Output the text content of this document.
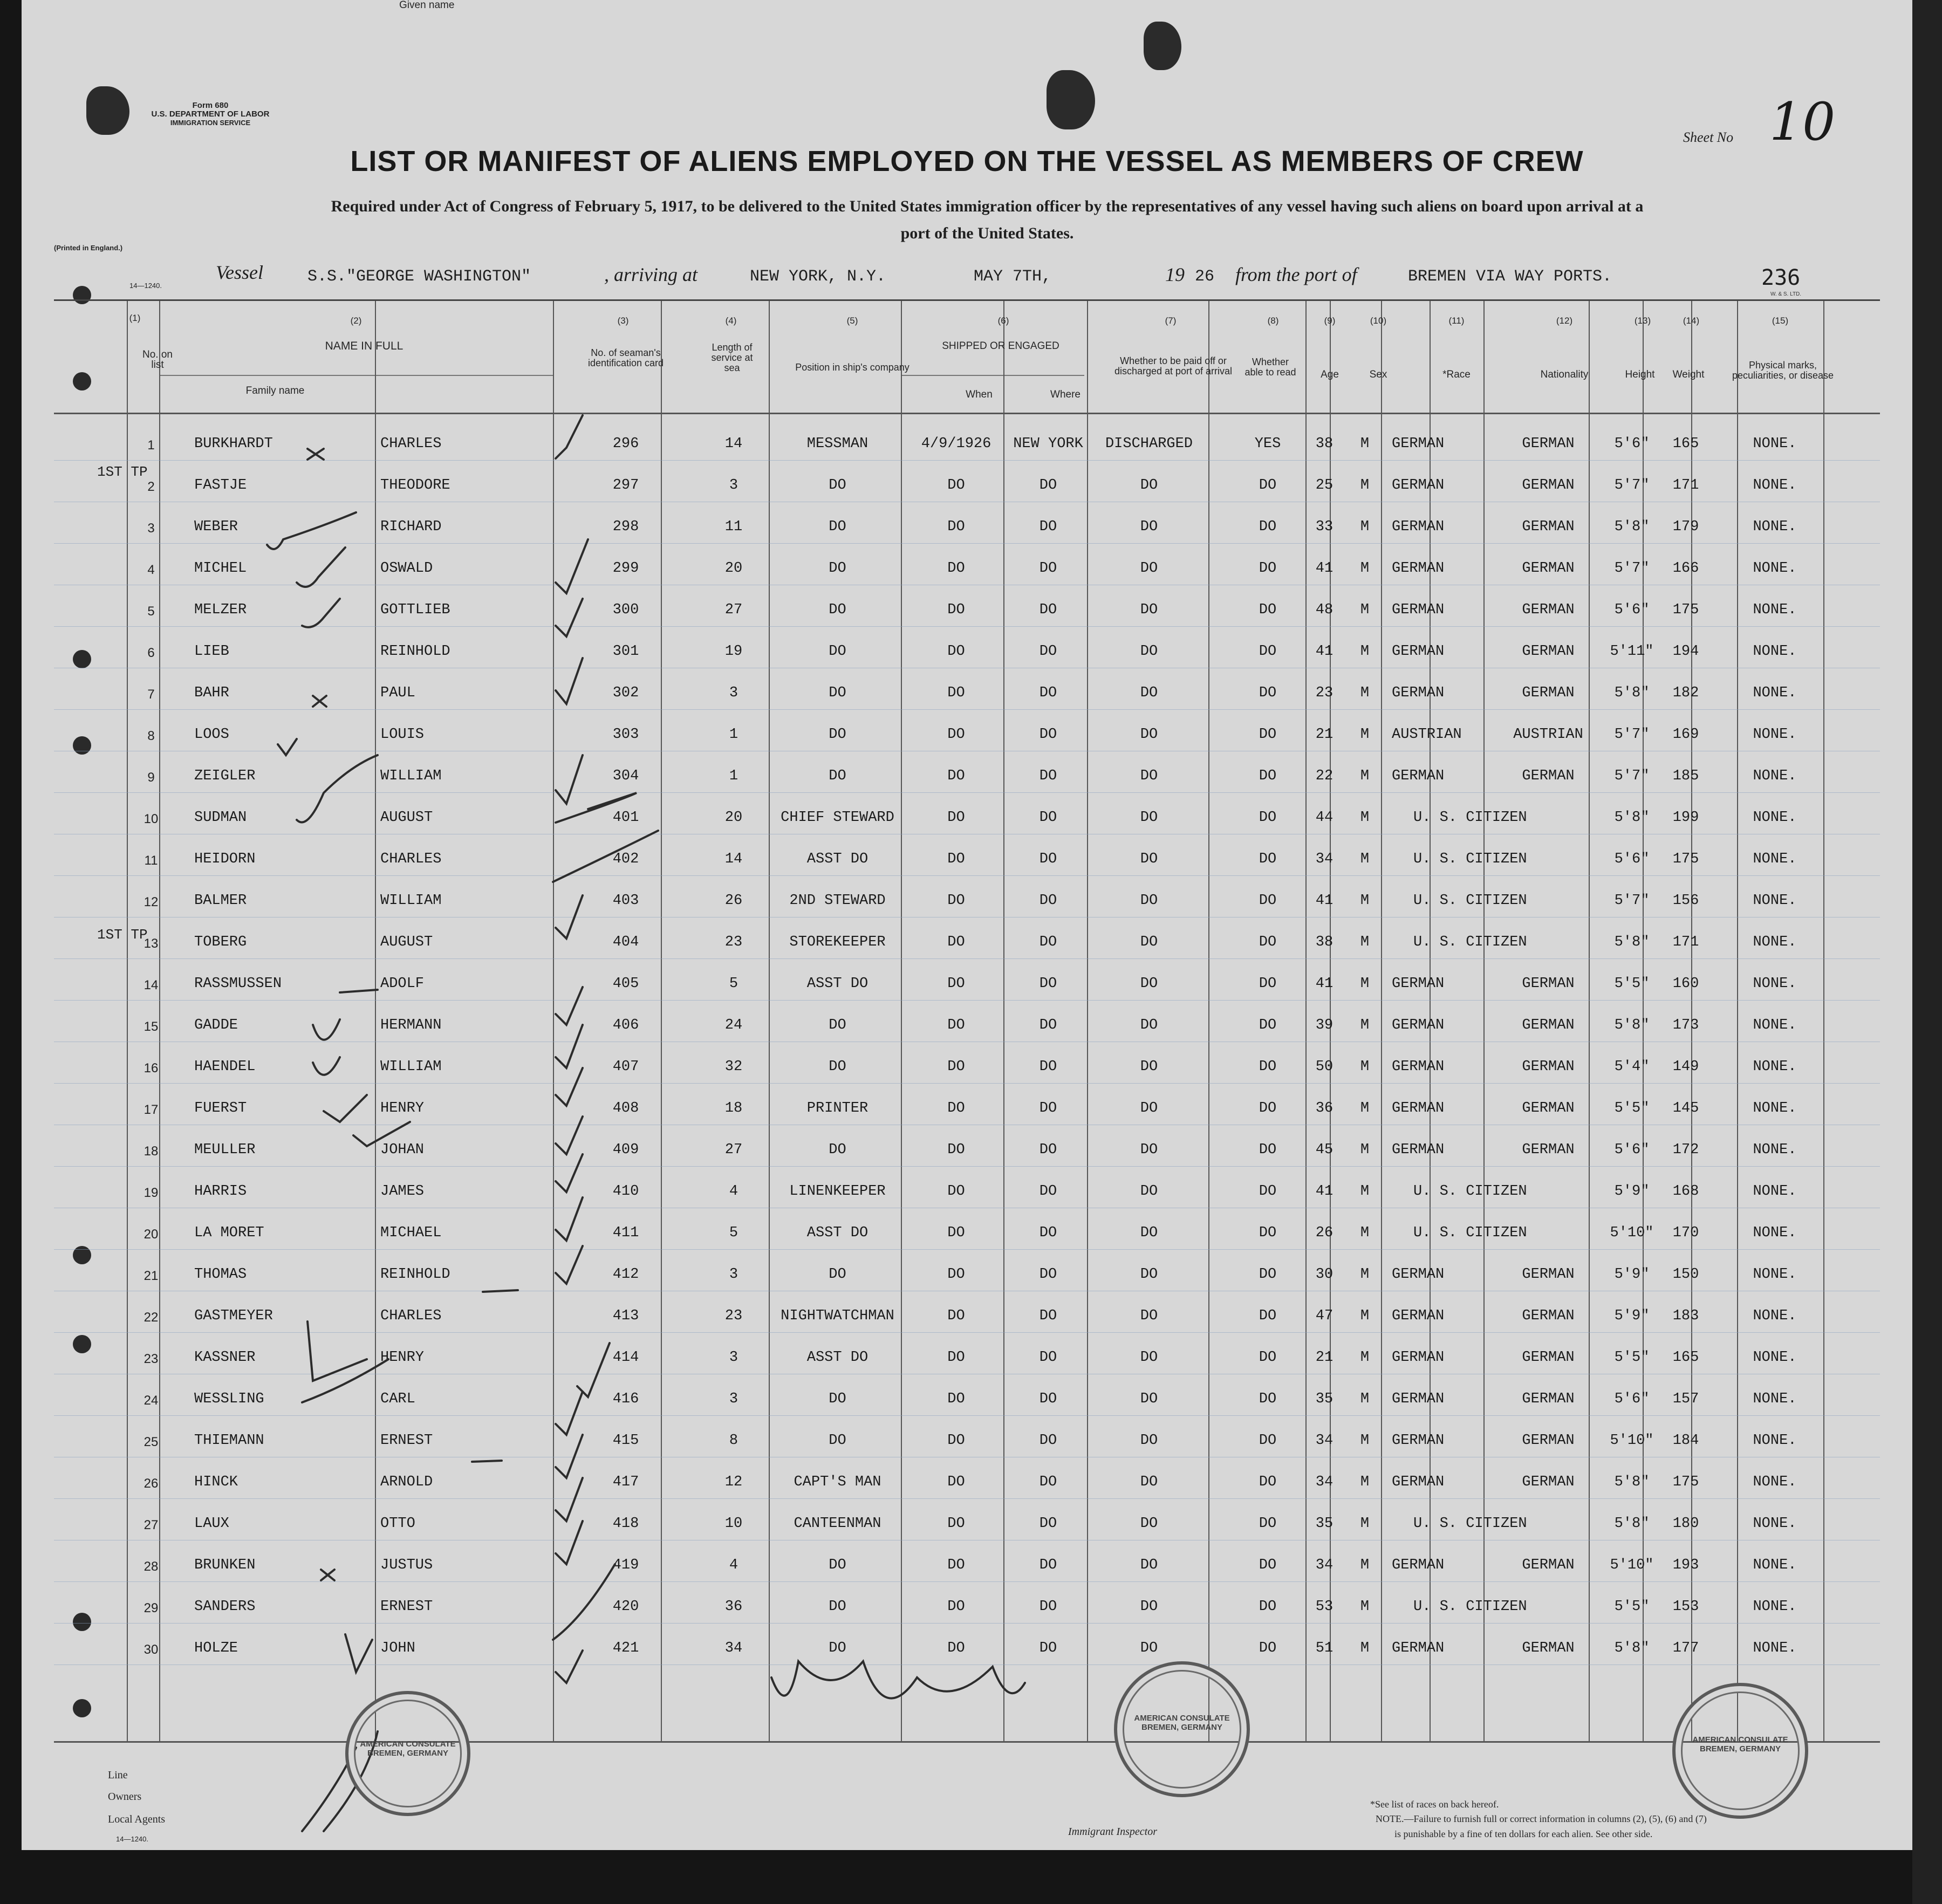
Form 680
U.S. DEPARTMENT OF LABOR
IMMIGRATION SERVICE
(Printed in England.)
14—1240.
Sheet No 10
LIST OR MANIFEST OF ALIENS EMPLOYED ON THE VESSEL AS MEMBERS OF CREW
Required under Act of Congress of February 5, 1917, to be delivered to the United States immigration officer by the representatives of any vessel having such aliens on board upon arrival at a
port of the United States.
Vessel	S.S."GEORGE WASHINGTON"	, arriving at	NEW YORK, N.Y.	MAY 7TH,	19 26 from the port of	BREMEN VIA WAY PORTS.	236
W. & S. LTD.
(1)	(2)	(3)	(4)	(5)	(6)	(7)	(8)	(9)	(10)	(11)	(12)	(13)	(14)	(15)
No. on list
NAME IN FULL
Family name
Given name
No. of seaman's identification card
Length of service at sea	Position in ship's company
SHIPPED OR ENGAGED
When	Where
Whether to be paid off or discharged at port of arrival
Whether able to read	Age	Sex	*Race	Nationality	Height	Weight
Physical marks, peculiarities, or disease
1ST TP
1ST TP
1	BURKHARDT	CHARLES	296	14	MESSMAN	4/9/1926	NEW YORK	DISCHARGED	YES	38	M	GERMAN	GERMAN	5'6"	165	NONE.
2	FASTJE	THEODORE	297	3	DO	DO	DO	DO	DO	25	M	GERMAN	GERMAN	5'7"	171	NONE.
3	WEBER	RICHARD	298	11	DO	DO	DO	DO	DO	33	M	GERMAN	GERMAN	5'8"	179	NONE.
4	MICHEL	OSWALD	299	20	DO	DO	DO	DO	DO	41	M	GERMAN	GERMAN	5'7"	166	NONE.
5	MELZER	GOTTLIEB	300	27	DO	DO	DO	DO	DO	48	M	GERMAN	GERMAN	5'6"	175	NONE.
6	LIEB	REINHOLD	301	19	DO	DO	DO	DO	DO	41	M	GERMAN	GERMAN	5'11"	194	NONE.
7	BAHR	PAUL	302	3	DO	DO	DO	DO	DO	23	M	GERMAN	GERMAN	5'8"	182	NONE.
8	LOOS	LOUIS	303	1	DO	DO	DO	DO	DO	21	M	AUSTRIAN	AUSTRIAN	5'7"	169	NONE.
9	ZEIGLER	WILLIAM	304	1	DO	DO	DO	DO	DO	22	M	GERMAN	GERMAN	5'7"	185	NONE.
10	SUDMAN	AUGUST	401	20	CHIEF STEWARD	DO	DO	DO	DO	44	M	U. S. CITIZEN	5'8"	199	NONE.
11	HEIDORN	CHARLES	402	14	ASST DO	DO	DO	DO	DO	34	M	U. S. CITIZEN	5'6"	175	NONE.
12	BALMER	WILLIAM	403	26	2ND STEWARD	DO	DO	DO	DO	41	M	U. S. CITIZEN	5'7"	156	NONE.
13	TOBERG	AUGUST	404	23	STOREKEEPER	DO	DO	DO	DO	38	M	U. S. CITIZEN	5'8"	171	NONE.
14	RASSMUSSEN	ADOLF	405	5	ASST DO	DO	DO	DO	DO	41	M	GERMAN	GERMAN	5'5"	160	NONE.
15	GADDE	HERMANN	406	24	DO	DO	DO	DO	DO	39	M	GERMAN	GERMAN	5'8"	173	NONE.
16	HAENDEL	WILLIAM	407	32	DO	DO	DO	DO	DO	50	M	GERMAN	GERMAN	5'4"	149	NONE.
17	FUERST	HENRY	408	18	PRINTER	DO	DO	DO	DO	36	M	GERMAN	GERMAN	5'5"	145	NONE.
18	MEULLER	JOHAN	409	27	DO	DO	DO	DO	DO	45	M	GERMAN	GERMAN	5'6"	172	NONE.
19	HARRIS	JAMES	410	4	LINENKEEPER	DO	DO	DO	DO	41	M	U. S. CITIZEN	5'9"	168	NONE.
20	LA MORET	MICHAEL	411	5	ASST DO	DO	DO	DO	DO	26	M	U. S. CITIZEN	5'10"	170	NONE.
21	THOMAS	REINHOLD	412	3	DO	DO	DO	DO	DO	30	M	GERMAN	GERMAN	5'9"	150	NONE.
22	GASTMEYER	CHARLES	413	23	NIGHTWATCHMAN	DO	DO	DO	DO	47	M	GERMAN	GERMAN	5'9"	183	NONE.
23	KASSNER	HENRY	414	3	ASST DO	DO	DO	DO	DO	21	M	GERMAN	GERMAN	5'5"	165	NONE.
24	WESSLING	CARL	416	3	DO	DO	DO	DO	DO	35	M	GERMAN	GERMAN	5'6"	157	NONE.
25	THIEMANN	ERNEST	415	8	DO	DO	DO	DO	DO	34	M	GERMAN	GERMAN	5'10"	184	NONE.
26	HINCK	ARNOLD	417	12	CAPT'S MAN	DO	DO	DO	DO	34	M	GERMAN	GERMAN	5'8"	175	NONE.
27	LAUX	OTTO	418	10	CANTEENMAN	DO	DO	DO	DO	35	M	U. S. CITIZEN	5'8"	180	NONE.
28	BRUNKEN	JUSTUS	419	4	DO	DO	DO	DO	DO	34	M	GERMAN	GERMAN	5'10"	193	NONE.
29	SANDERS	ERNEST	420	36	DO	DO	DO	DO	DO	53	M	U. S. CITIZEN	5'5"	153	NONE.
30	HOLZE	JOHN	421	34	DO	DO	DO	DO	DO	51	M	GERMAN	GERMAN	5'8"	177	NONE.
AMERICAN CONSULATE BREMEN, GERMANY
AMERICAN CONSULATE BREMEN, GERMANY
AMERICAN CONSULATE BREMEN, GERMANY
Line
Owners
Local Agents
14—1240.
Immigrant Inspector
*See list of races on back hereof.
NOTE.—Failure to furnish full or correct information in columns (2), (5), (6) and (7)
is punishable by a fine of ten dollars for each alien. See other side.
